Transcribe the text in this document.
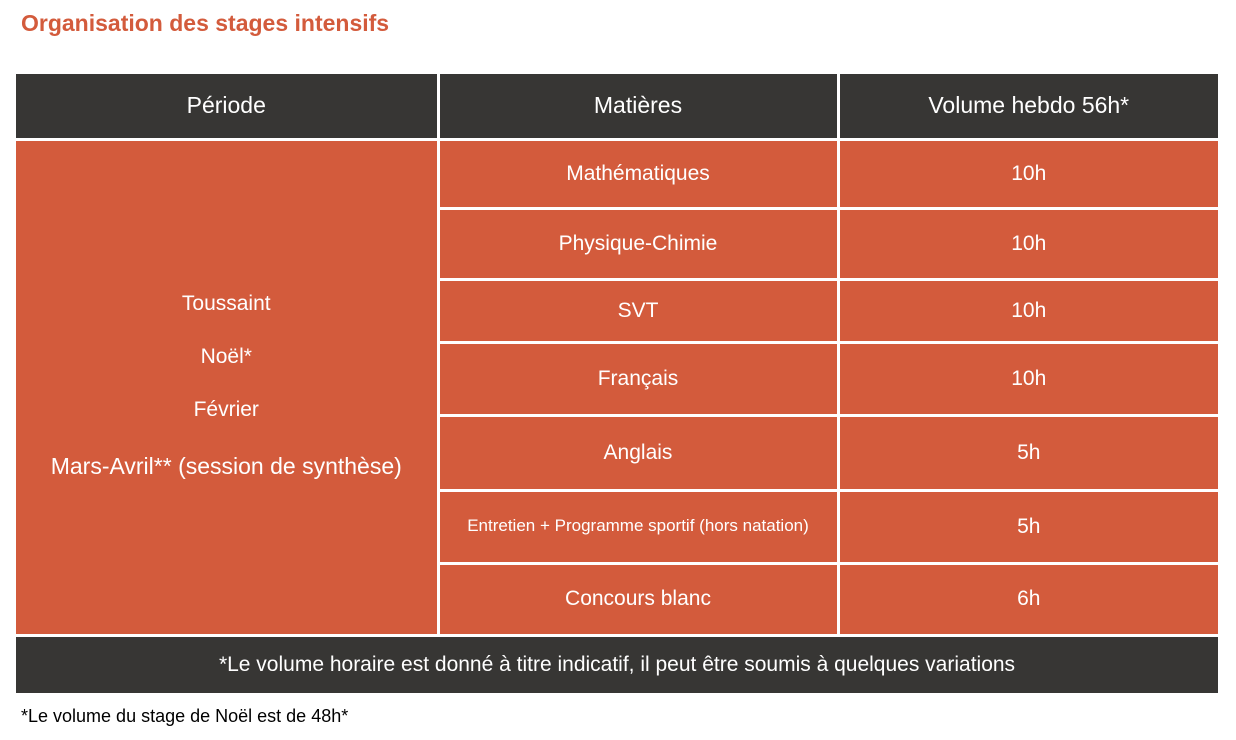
Organisation des stages intensifs
Période	Matières	Volume hebdo 56h*

Toussaint
Noël*
Février
Mars-Avril** (session de synthèse)	Mathématiques	10h
	Physique-Chimie	10h
	SVT	10h
	Français	10h
	Anglais	5h
	Entretien + Programme sportif (hors natation)	5h
	Concours blanc	6h
*Le volume horaire est donné à titre indicatif, il peut être soumis à quelques variations		
*Le volume du stage de Noël est de 48h*
